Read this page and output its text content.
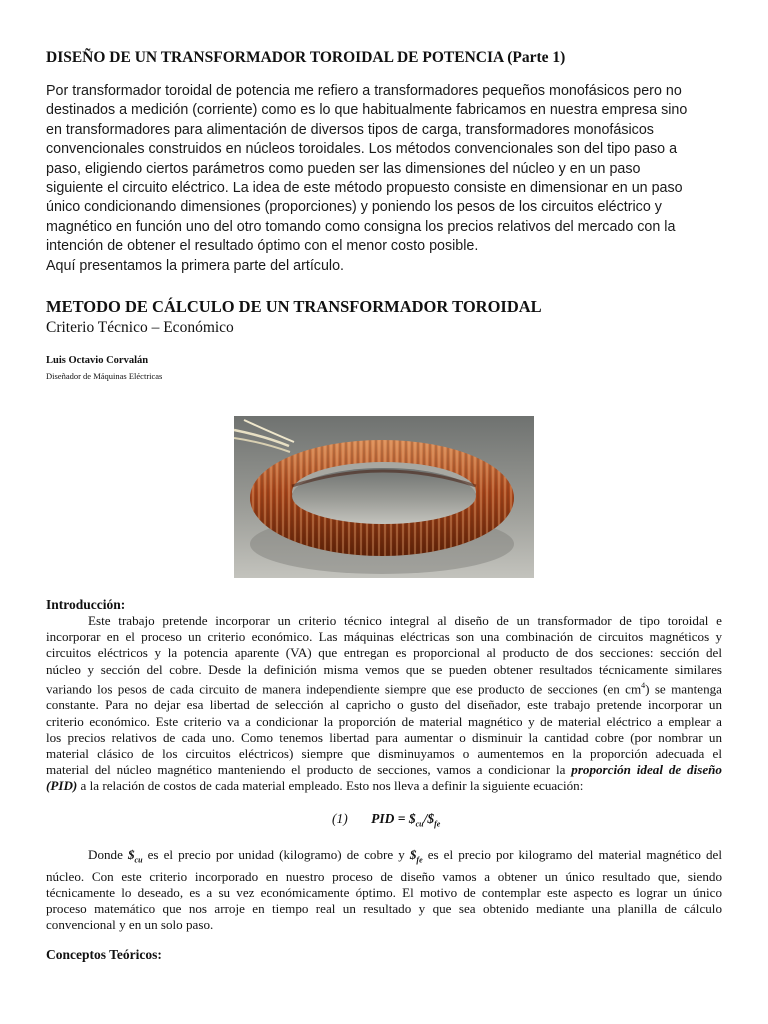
DISEÑO DE UN TRANSFORMADOR TOROIDAL DE POTENCIA (Parte 1)
Por transformador toroidal de potencia me refiero a transformadores pequeños monofásicos pero no
destinados a medición (corriente) como es lo que habitualmente fabricamos en nuestra empresa sino
en transformadores para alimentación de diversos tipos de carga, transformadores monofásicos
convencionales construidos en núcleos toroidales. Los métodos convencionales son del tipo paso a
paso, eligiendo ciertos parámetros como pueden ser las dimensiones del núcleo y en un paso
siguiente el circuito eléctrico. La idea de este método propuesto consiste en dimensionar en un paso
único condicionando dimensiones (proporciones) y poniendo los pesos de los circuitos eléctrico y
magnético en función uno del otro tomando como consigna los precios relativos del mercado con la
intención de obtener el resultado óptimo con el menor costo posible.
Aquí presentamos la primera parte del artículo.
METODO DE CÁLCULO DE UN TRANSFORMADOR TOROIDAL
Criterio Técnico – Económico
Luis Octavio Corvalán
Diseñador de Máquinas Eléctricas
Introducción:
Este trabajo pretende incorporar un criterio técnico integral al diseño de un transformador de tipo toroidal e
incorporar en el proceso un criterio económico. Las máquinas eléctricas son una combinación de circuitos magnéticos y
circuitos eléctricos y la potencia aparente (VA) que entregan es proporcional al producto de dos secciones: sección del
núcleo y sección del cobre. Desde la definición misma vemos que se pueden obtener resultados técnicamente similares
variando los pesos de cada circuito de manera independiente siempre que ese producto de secciones (en $cm^4$) se mantenga
constante. Para no dejar esa libertad de selección al capricho o gusto del diseñador, este trabajo pretende incorporar un
criterio económico. Este criterio va a condicionar la proporción de material magnético y de material eléctrico a emplear a
los precios relativos de cada uno. Como tenemos libertad para aumentar o disminuir la cantidad cobre (por nombrar un
material clásico de los circuitos eléctricos) siempre que disminuyamos o aumentemos en la proporción adecuada el
material del núcleo magnético manteniendo el producto de secciones, vamos a condicionar la proporción ideal de diseño
(PID) a la relación de costos de cada material empleado. Esto nos lleva a definir la siguiente ecuación:
(1) PID = $\$_{cu}/\$_{fe}$
Donde $\$_{cu}$ es el precio por unidad (kilogramo) de cobre y $\$_{fe}$ es el precio por kilogramo del material magnético del
núcleo. Con este criterio incorporado en nuestro proceso de diseño vamos a obtener un único resultado que, siendo
técnicamente lo deseado, es a su vez económicamente óptimo. El motivo de contemplar este aspecto es lograr un único
proceso matemático que nos arroje en tiempo real un resultado y que sea obtenido mediante una planilla de cálculo
convencional y en un solo paso.
Conceptos Teóricos:
